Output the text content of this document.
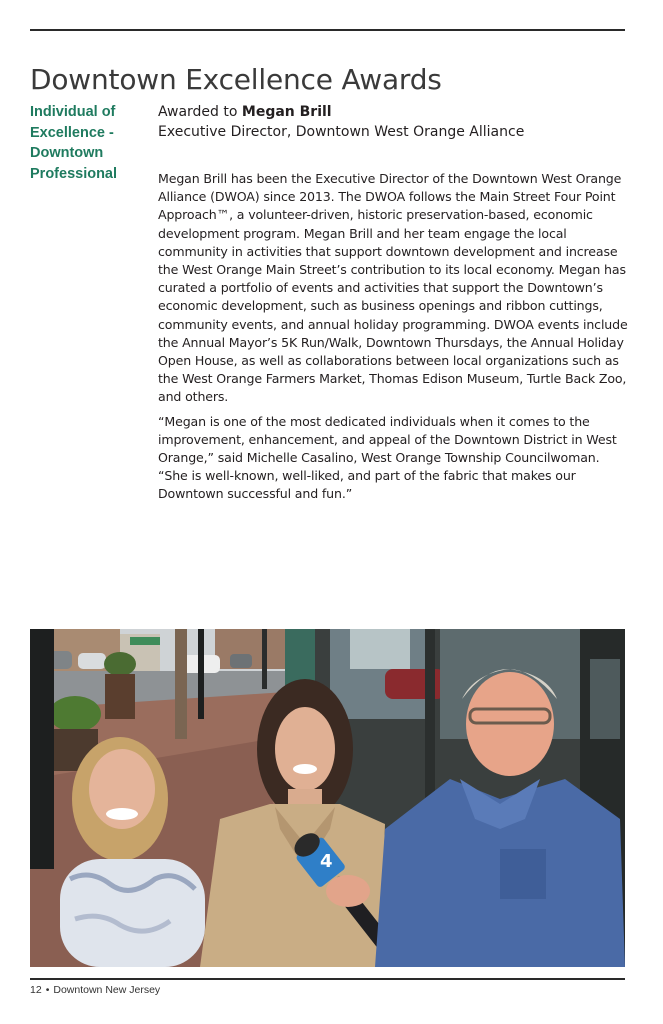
Downtown Excellence Awards
Individual of Excellence - Downtown Professional
Awarded to Megan Brill
Executive Director, Downtown West Orange Alliance

Megan Brill has been the Executive Director of the Downtown West Orange Alliance (DWOA) since 2013. The DWOA follows the Main Street Four Point Approach™, a volunteer-driven, historic preservation-based, economic development program. Megan Brill and her team engage the local community in activities that support downtown development and increase the West Orange Main Street’s contribution to its local economy. Megan has curated a portfolio of events and activities that support the Downtown’s economic development, such as business openings and ribbon cuttings, community events, and annual holiday programming. DWOA events include the Annual Mayor’s 5K Run/Walk, Downtown Thursdays, the Annual Holiday Open House, as well as collaborations between local organizations such as the West Orange Farmers Market, Thomas Edison Museum, Turtle Back Zoo, and others.

“Megan is one of the most dedicated individuals when it comes to the improvement, enhancement, and appeal of the Downtown District in West Orange,” said Michelle Casalino, West Orange Township Councilwoman. “She is well-known, well-liked, and part of the fabric that makes our Downtown successful and fun.”

4
12 • Downtown New Jersey
